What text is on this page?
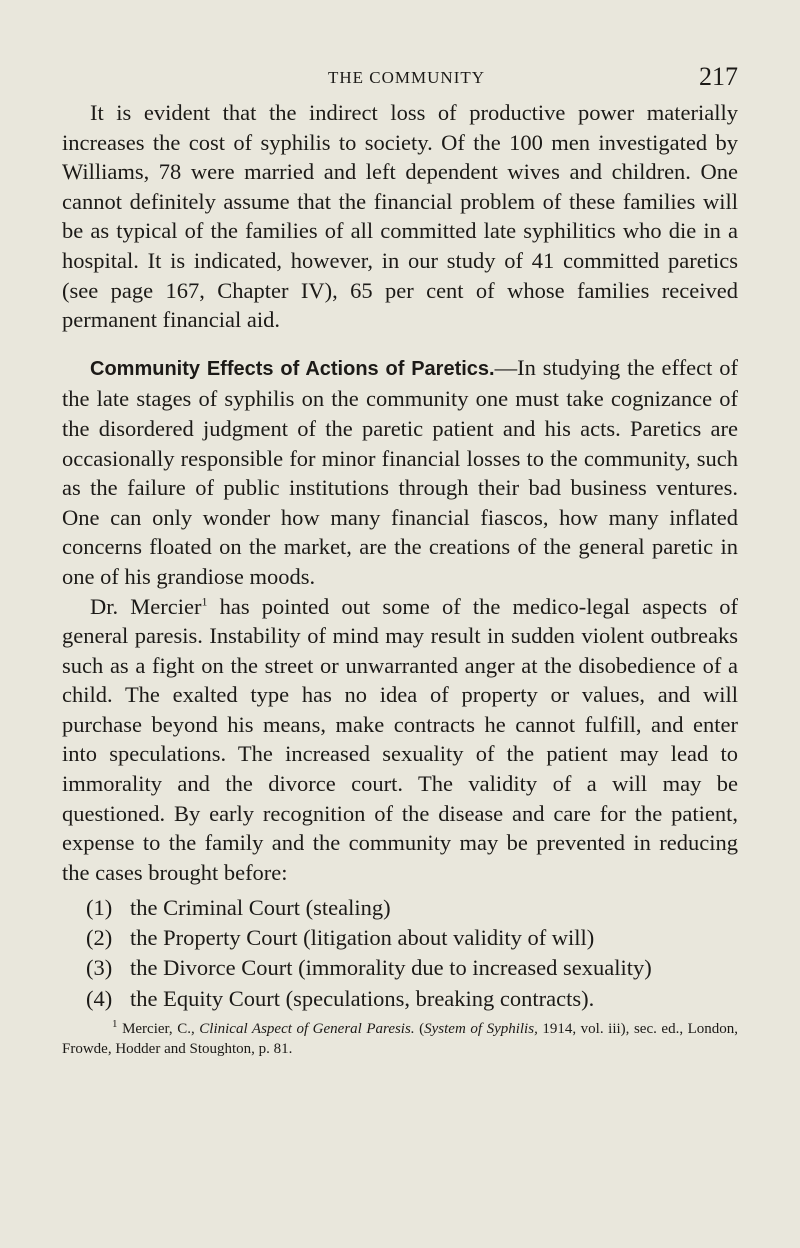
THE COMMUNITY	217

It is evident that the indirect loss of productive power materially increases the cost of syphilis to society. Of the 100 men investigated by Williams, 78 were married and left dependent wives and children. One cannot definitely assume that the financial problem of these families will be as typical of the families of all committed late syphilitics who die in a hospital. It is indicated, however, in our study of 41 committed paretics (see page 167, Chapter IV), 65 per cent of whose families received permanent financial aid.

Community Effects of Actions of Paretics.—In studying the effect of the late stages of syphilis on the community one must take cognizance of the disordered judgment of the paretic patient and his acts. Paretics are occasionally responsible for minor financial losses to the community, such as the failure of public institutions through their bad business ventures. One can only wonder how many financial fiascos, how many inflated concerns floated on the market, are the creations of the general paretic in one of his grandiose moods.

Dr. Mercier$^1$ has pointed out some of the medico-legal aspects of general paresis. Instability of mind may result in sudden violent outbreaks such as a fight on the street or unwarranted anger at the disobedience of a child. The exalted type has no idea of property or values, and will purchase beyond his means, make contracts he cannot fulfill, and enter into speculations. The increased sexuality of the patient may lead to immorality and the divorce court. The validity of a will may be questioned. By early recognition of the disease and care for the patient, expense to the family and the community may be prevented in reducing the cases brought before:

(1) the Criminal Court (stealing)
(2) the Property Court (litigation about validity of will)
(3) the Divorce Court (immorality due to increased sexuality)
(4) the Equity Court (speculations, breaking contracts).

$^1$ Mercier, C., Clinical Aspect of General Paresis. (System of Syphilis, 1914, vol. iii), sec. ed., London, Frowde, Hodder and Stoughton, p. 81.
